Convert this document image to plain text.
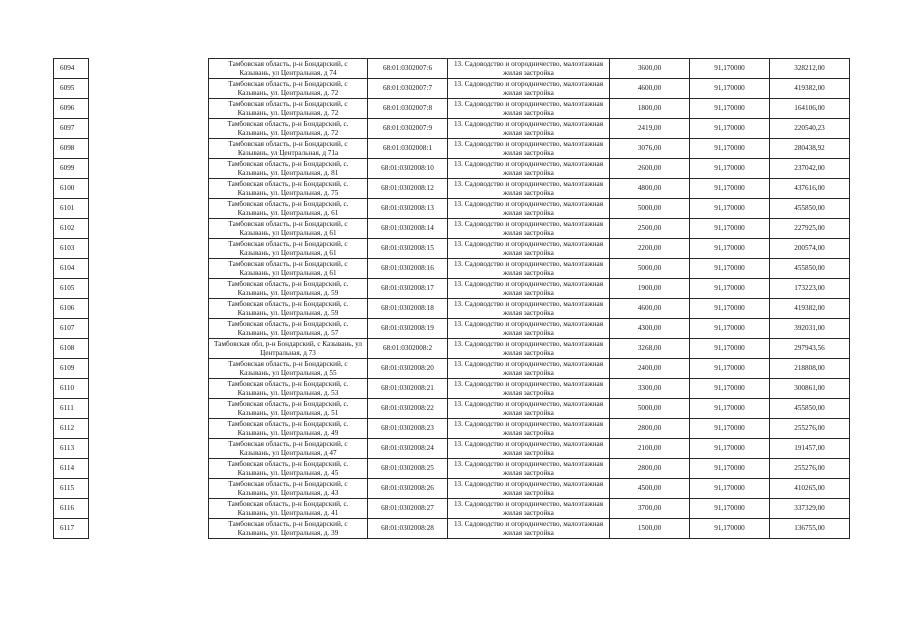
6094		Тамбовская область, р-н Бондарский, с Казывань, ул Центральная, д 74	68:01:0302007:6	13. Садоводство и огородничество, малоэтажная жилая застройка	3600,00	91,170000	328212,00
6095		Тамбовская область, р-н Бондарский, с Казывань, ул. Центральная, д. 72	68:01:0302007:7	13. Садоводство и огородничество, малоэтажная жилая застройка	4600,00	91,170000	419382,00
6096		Тамбовская область, р-н Бондарский, с Казывань, ул. Центральная, д. 72	68:01:0302007:8	13. Садоводство и огородничество, малоэтажная жилая застройка	1800,00	91,170000	164106,00
6097		Тамбовская область, р-н Бондарский, с. Казывань, ул. Центральная, д. 72	68:01:0302007:9	13. Садоводство и огородничество, малоэтажная жилая застройка	2419,00	91,170000	220540,23
6098		Тамбовская область, р-н Бондарский, с Казывань, ул Центральная, д 71а	68:01:0302008:1	13. Садоводство и огородничество, малоэтажная жилая застройка	3076,00	91,170000	280438,92
6099		Тамбовская область, р-н Бондарский, с. Казывань, ул. Центральная, д. 81	68:01:0302008:10	13. Садоводство и огородничество, малоэтажная жилая застройка	2600,00	91,170000	237042,00
6100		Тамбовская область, р-н Бондарский, с. Казывань, ул. Центральная, д. 75	68:01:0302008:12	13. Садоводство и огородничество, малоэтажная жилая застройка	4800,00	91,170000	437616,00
6101		Тамбовская область, р-н Бондарский, с. Казывань, ул. Центральная, д. 61	68:01:0302008:13	13. Садоводство и огородничество, малоэтажная жилая застройка	5000,00	91,170000	455850,00
6102		Тамбовская область, р-н Бондарский, с Казывань, ул Центральная, д 61	68:01:0302008:14	13. Садоводство и огородничество, малоэтажная жилая застройка	2500,00	91,170000	227925,00
6103		Тамбовская область, р-н Бондарский, с Казывань, ул Центральная, д 61	68:01:0302008:15	13. Садоводство и огородничество, малоэтажная жилая застройка	2200,00	91,170000	200574,00
6104		Тамбовская область, р-н Бондарский, с Казывань, ул Центральная, д 61	68:01:0302008:16	13. Садоводство и огородничество, малоэтажная жилая застройка	5000,00	91,170000	455850,00
6105		Тамбовская область, р-н Бондарский, с. Казывань, ул. Центральная, д. 59	68:01:0302008:17	13. Садоводство и огородничество, малоэтажная жилая застройка	1900,00	91,170000	173223,00
6106		Тамбовская область, р-н Бондарский, с. Казывань, ул. Центральная, д. 59	68:01:0302008:18	13. Садоводство и огородничество, малоэтажная жилая застройка	4600,00	91,170000	419382,00
6107		Тамбовская область, р-н Бондарский, с. Казывань, ул. Центральная, д. 57	68:01:0302008:19	13. Садоводство и огородничество, малоэтажная жилая застройка	4300,00	91,170000	392031,00
6108		Тамбовская обл, р-н Бондарский, с Казывань, ул Центральная, д 73	68:01:0302008:2	13. Садоводство и огородничество, малоэтажная жилая застройка	3268,00	91,170000	297943,56
6109		Тамбовская область, р-н Бондарский, с Казывань, ул Центральная, д 55	68:01:0302008:20	13. Садоводство и огородничество, малоэтажная жилая застройка	2400,00	91,170000	218808,00
6110		Тамбовская область, р-н Бондарский, с. Казывань, ул. Центральная, д. 53	68:01:0302008:21	13. Садоводство и огородничество, малоэтажная жилая застройка	3300,00	91,170000	300861,00
6111		Тамбовская область, р-н Бондарский, с. Казывань, ул. Центральная, д. 51	68:01:0302008:22	13. Садоводство и огородничество, малоэтажная жилая застройка	5000,00	91,170000	455850,00
6112		Тамбовская область, р-н Бондарский, с. Казывань, ул. Центральная, д. 49	68:01:0302008:23	13. Садоводство и огородничество, малоэтажная жилая застройка	2800,00	91,170000	255276,00
6113		Тамбовская область, р-н Бондарский, с Казывань, ул Центральная, д 47	68:01:0302008:24	13. Садоводство и огородничество, малоэтажная жилая застройка	2100,00	91,170000	191457,00
6114		Тамбовская область, р-н Бондарский, с. Казывань, ул. Центральная, д. 45	68:01:0302008:25	13. Садоводство и огородничество, малоэтажная жилая застройка	2800,00	91,170000	255276,00
6115		Тамбовская область, р-н Бондарский, с Казывань, ул. Центральная, д. 43	68:01:0302008:26	13. Садоводство и огородничество, малоэтажная жилая застройка	4500,00	91,170000	410265,00
6116		Тамбовская область, р-н Бондарский, с. Казывань, ул. Центральная, д. 41	68:01:0302008:27	13. Садоводство и огородничество, малоэтажная жилая застройка	3700,00	91,170000	337329,00
6117		Тамбовская область, р-н Бондарский, с Казывань, ул. Центральная, д. 39	68:01:0302008:28	13. Садоводство и огородничество, малоэтажная жилая застройка	1500,00	91,170000	136755,00
